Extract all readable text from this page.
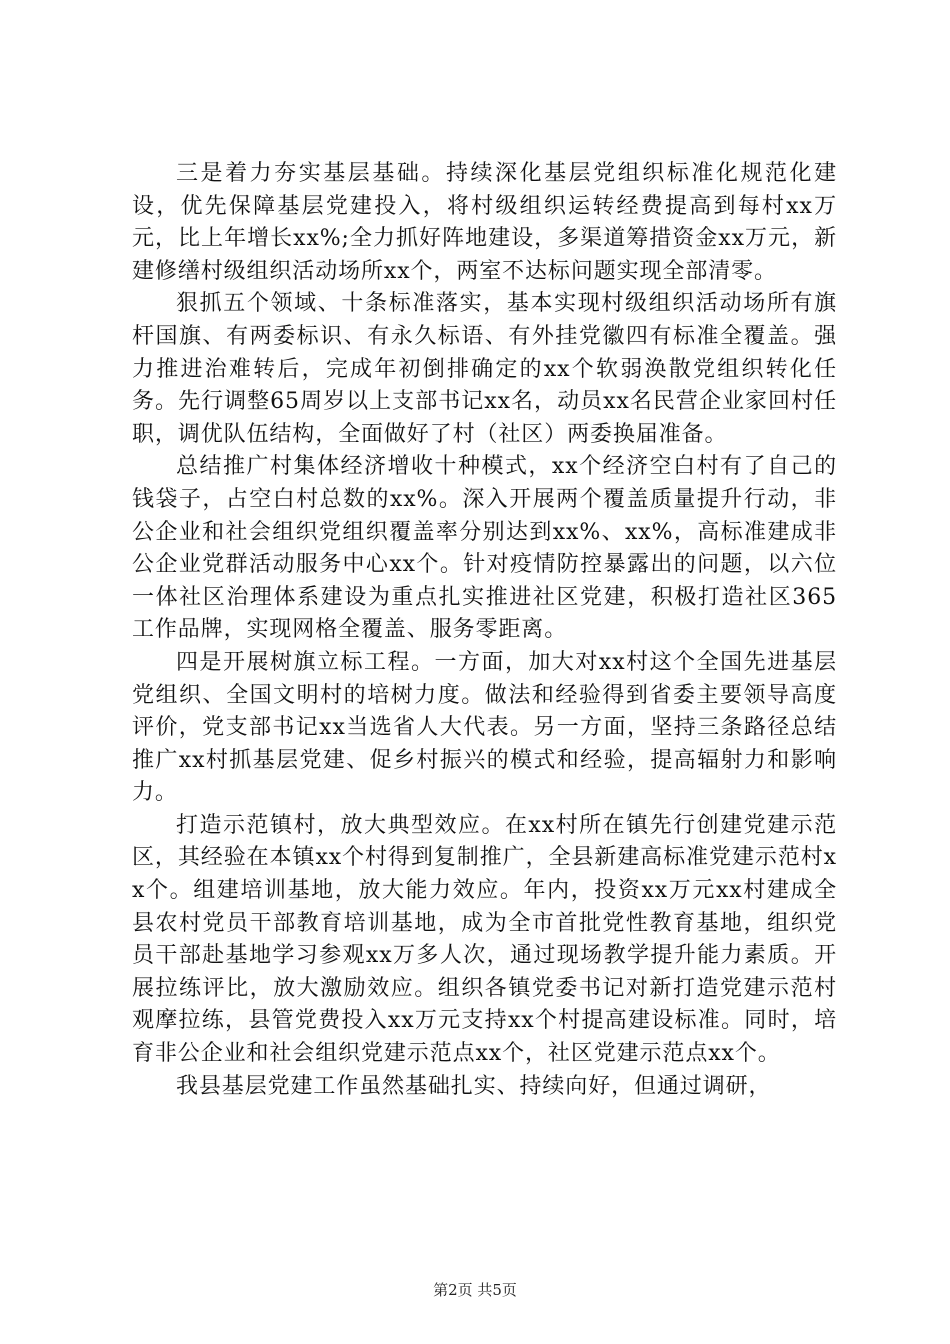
三是着力夯实基层基础。持续深化基层党组织标准化规范化建设，优先保障基层党建投入，将村级组织运转经费提高到每村xx万元，比上年增长xx%;全力抓好阵地建设，多渠道筹措资金xx万元，新建修缮村级组织活动场所xx个，两室不达标问题实现全部清零。

狠抓五个领域、十条标准落实，基本实现村级组织活动场所有旗杆国旗、有两委标识、有永久标语、有外挂党徽四有标准全覆盖。强力推进治难转后，完成年初倒排确定的xx个软弱涣散党组织转化任务。先行调整65周岁以上支部书记xx名，动员xx名民营企业家回村任职，调优队伍结构，全面做好了村（社区）两委换届准备。

总结推广村集体经济增收十种模式，xx个经济空白村有了自己的钱袋子，占空白村总数的xx%。深入开展两个覆盖质量提升行动，非公企业和社会组织党组织覆盖率分别达到xx%、xx%，高标准建成非公企业党群活动服务中心xx个。针对疫情防控暴露出的问题，以六位一体社区治理体系建设为重点扎实推进社区党建，积极打造社区365工作品牌，实现网格全覆盖、服务零距离。

四是开展树旗立标工程。一方面，加大对xx村这个全国先进基层党组织、全国文明村的培树力度。做法和经验得到省委主要领导高度评价，党支部书记xx当选省人大代表。另一方面，坚持三条路径总结推广xx村抓基层党建、促乡村振兴的模式和经验，提高辐射力和影响力。

打造示范镇村，放大典型效应。在xx村所在镇先行创建党建示范区，其经验在本镇xx个村得到复制推广，全县新建高标准党建示范村xx个。组建培训基地，放大能力效应。年内，投资xx万元xx村建成全县农村党员干部教育培训基地，成为全市首批党性教育基地，组织党员干部赴基地学习参观xx万多人次，通过现场教学提升能力素质。开展拉练评比，放大激励效应。组织各镇党委书记对新打造党建示范村观摩拉练，县管党费投入xx万元支持xx个村提高建设标准。同时，培育非公企业和社会组织党建示范点xx个，社区党建示范点xx个。

我县基层党建工作虽然基础扎实、持续向好，但通过调研，

第2页 共5页
